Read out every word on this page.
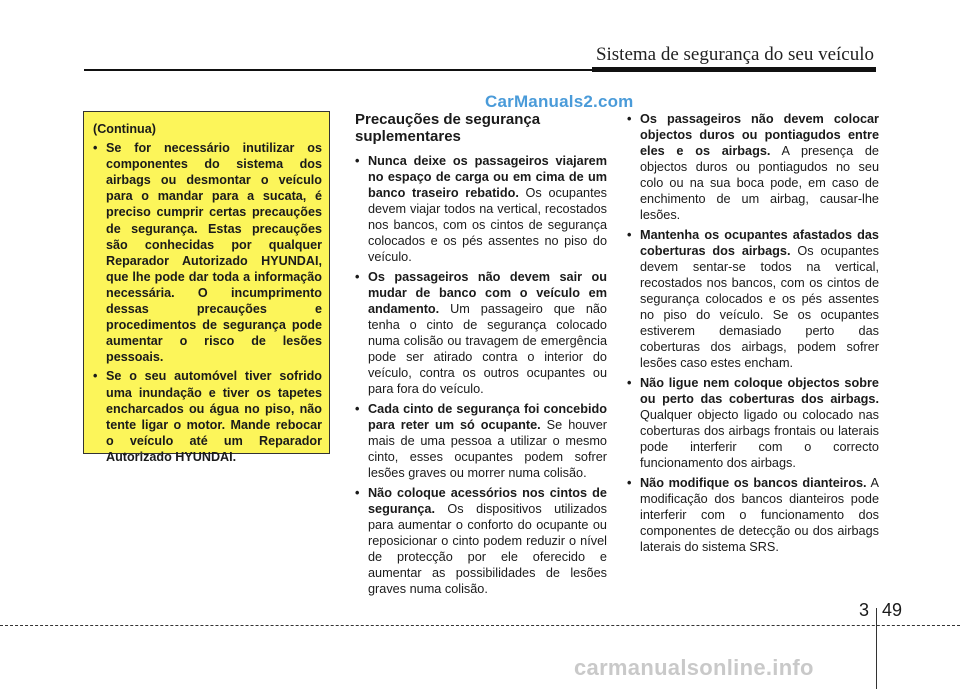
Sistema de segurança do seu veículo
CarManuals2.com
(Continua)
• Se for necessário inutilizar os componentes do sistema dos airbags ou desmontar o veículo para o mandar para a sucata, é preciso cumprir certas precauções de segurança. Estas precauções são conhecidas por qualquer Reparador Autorizado HYUNDAI, que lhe pode dar toda a informação necessária. O incumprimento dessas precauções e procedimentos de segurança pode aumentar o risco de lesões pessoais.
• Se o seu automóvel tiver sofrido uma inundação e tiver os tapetes encharcados ou água no piso, não tente ligar o motor. Mande rebocar o veículo até um Reparador Autorizado HYUNDAI.
Precauções de segurança suplementares
• Nunca deixe os passageiros viajarem no espaço de carga ou em cima de um banco traseiro rebatido. Os ocupantes devem viajar todos na vertical, recostados nos bancos, com os cintos de segurança colocados e os pés assentes no piso do veículo.
• Os passageiros não devem sair ou mudar de banco com o veículo em andamento. Um passageiro que não tenha o cinto de segurança colocado numa colisão ou travagem de emergência pode ser atirado contra o interior do veículo, contra os outros ocupantes ou para fora do veículo.
• Cada cinto de segurança foi concebido para reter um só ocupante. Se houver mais de uma pessoa a utilizar o mesmo cinto, esses ocupantes podem sofrer lesões graves ou morrer numa colisão.
• Não coloque acessórios nos cintos de segurança. Os dispositivos utilizados para aumentar o conforto do ocupante ou reposicionar o cinto podem reduzir o nível de protecção por ele oferecido e aumentar as possibilidades de lesões graves numa colisão.
• Os passageiros não devem colocar objectos duros ou pontiagudos entre eles e os airbags. A presença de objectos duros ou pontiagudos no seu colo ou na sua boca pode, em caso de enchimento de um airbag, causar-lhe lesões.
• Mantenha os ocupantes afastados das coberturas dos airbags. Os ocupantes devem sentar-se todos na vertical, recostados nos bancos, com os cintos de segurança colocados e os pés assentes no piso do veículo. Se os ocupantes estiverem demasiado perto das coberturas dos airbags, podem sofrer lesões caso estes encham.
• Não ligue nem coloque objectos sobre ou perto das coberturas dos airbags. Qualquer objecto ligado ou colocado nas coberturas dos airbags frontais ou laterais pode interferir com o correcto funcionamento dos airbags.
• Não modifique os bancos dianteiros. A modificação dos bancos dianteiros pode interferir com o funcionamento dos componentes de detecção ou dos airbags laterais do sistema SRS.
3 49
carmanualsonline.info
